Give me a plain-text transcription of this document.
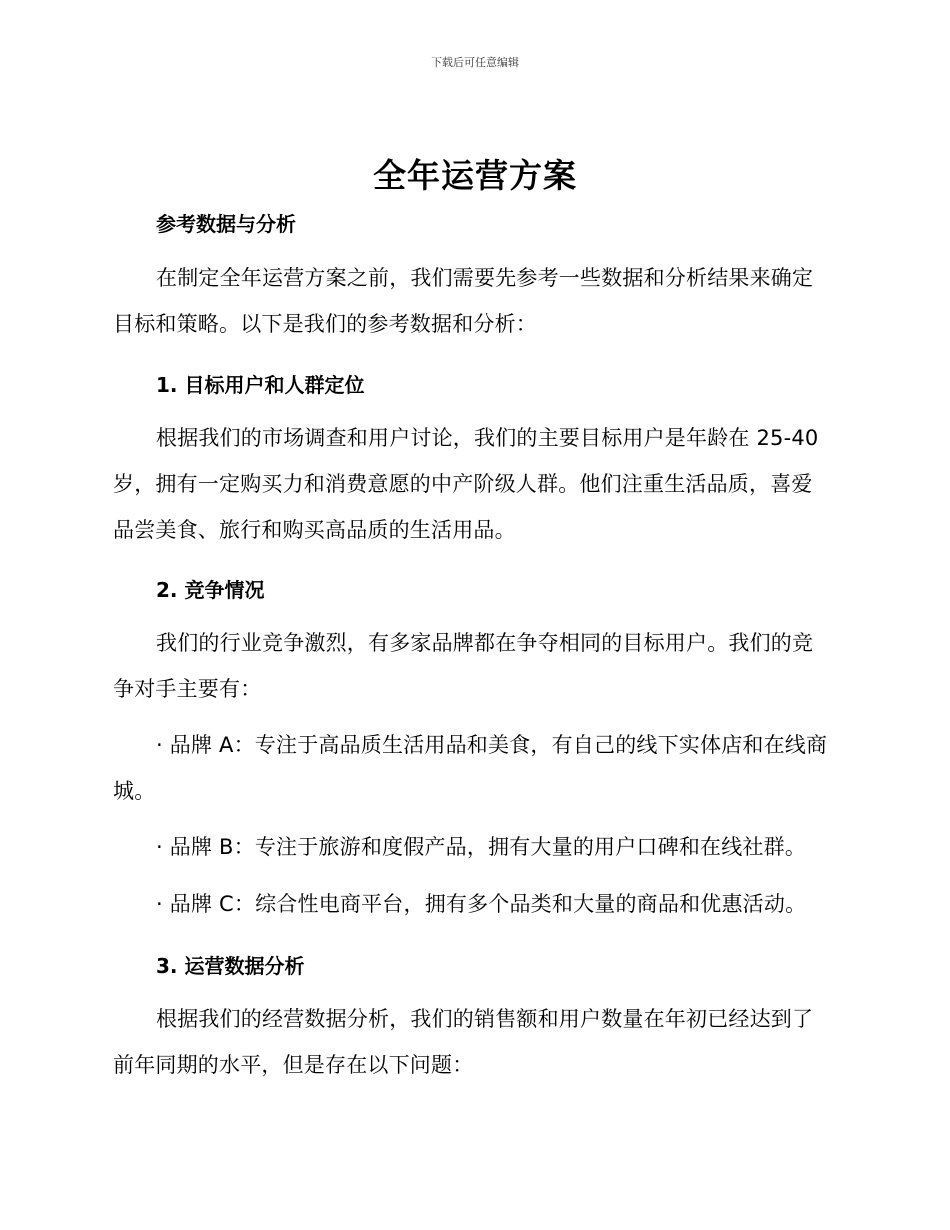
下载后可任意编辑
全年运营方案
参考数据与分析
在制定全年运营方案之前，我们需要先参考一些数据和分析结果来确定目标和策略。以下是我们的参考数据和分析：
1. 目标用户和人群定位
根据我们的市场调查和用户讨论，我们的主要目标用户是年龄在 25-40 岁，拥有一定购买力和消费意愿的中产阶级人群。他们注重生活品质，喜爱品尝美食、旅行和购买高品质的生活用品。
2. 竞争情况
我们的行业竞争激烈，有多家品牌都在争夺相同的目标用户。我们的竞争对手主要有：
· 品牌 A：专注于高品质生活用品和美食，有自己的线下实体店和在线商城。
· 品牌 B：专注于旅游和度假产品，拥有大量的用户口碑和在线社群。
· 品牌 C：综合性电商平台，拥有多个品类和大量的商品和优惠活动。
3. 运营数据分析
根据我们的经营数据分析，我们的销售额和用户数量在年初已经达到了前年同期的水平，但是存在以下问题：
